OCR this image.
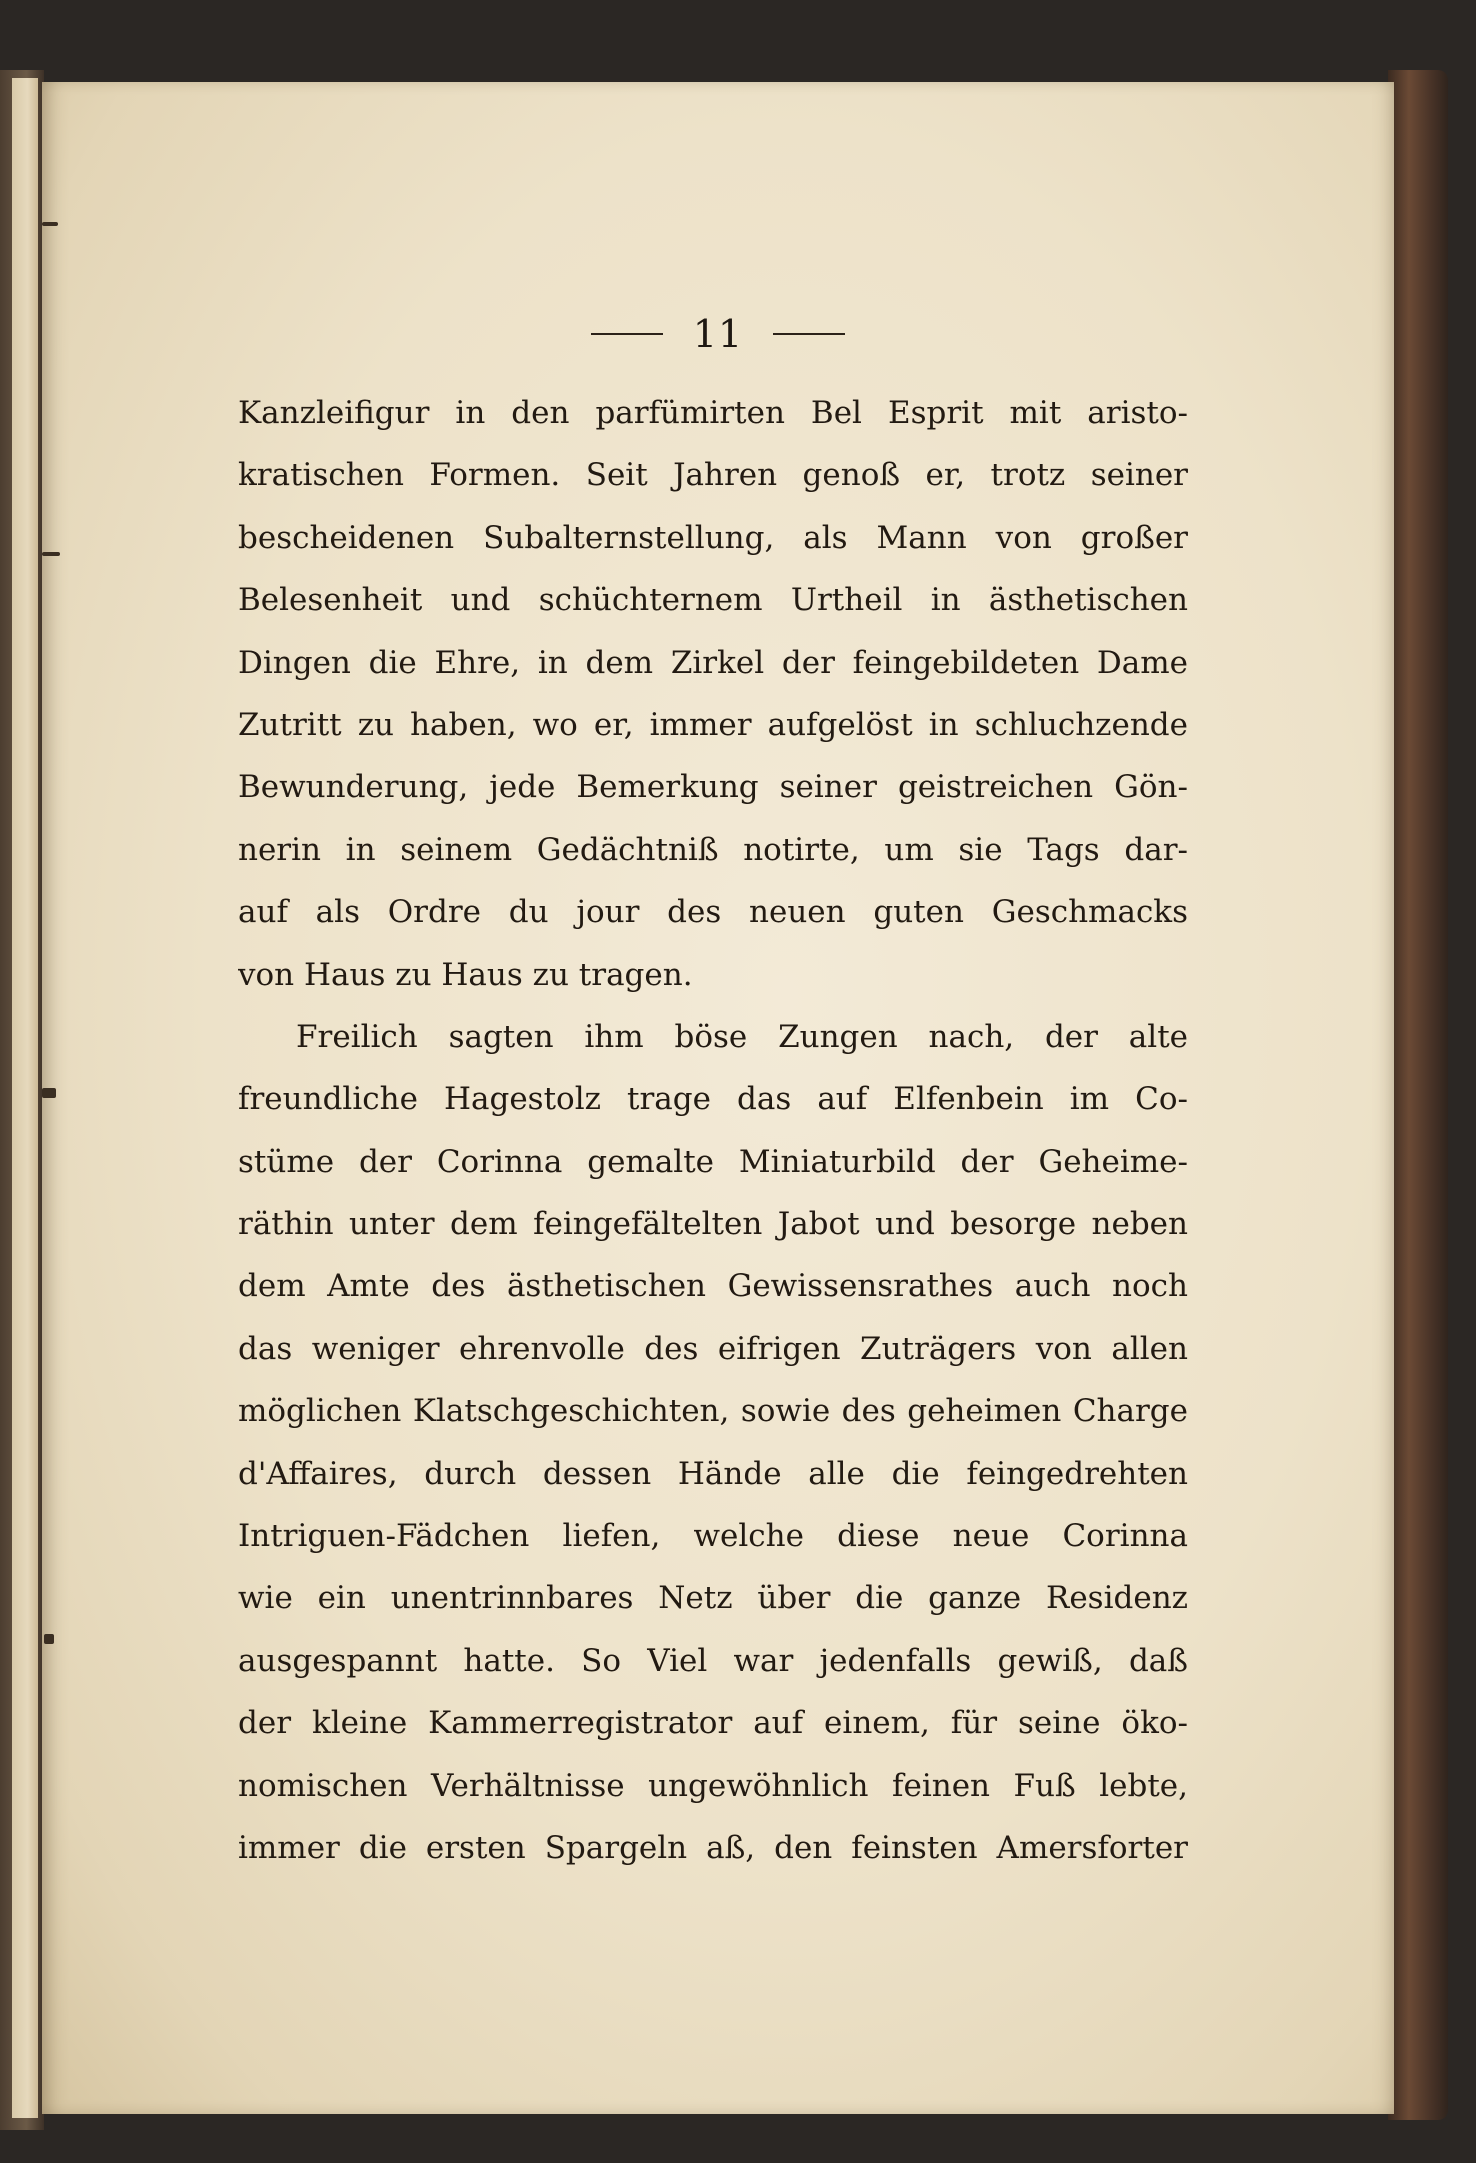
11
Kanzleifigur in den parfümirten Bel Esprit mit aristo-
kratischen Formen. Seit Jahren genoß er, trotz seiner
bescheidenen Subalternstellung, als Mann von großer
Belesenheit und schüchternem Urtheil in ästhetischen
Dingen die Ehre, in dem Zirkel der feingebildeten Dame
Zutritt zu haben, wo er, immer aufgelöst in schluchzende
Bewunderung, jede Bemerkung seiner geistreichen Gön-
nerin in seinem Gedächtniß notirte, um sie Tags dar-
auf als Ordre du jour des neuen guten Geschmacks
von Haus zu Haus zu tragen.
Freilich sagten ihm böse Zungen nach, der alte
freundliche Hagestolz trage das auf Elfenbein im Co-
stüme der Corinna gemalte Miniaturbild der Geheime-
räthin unter dem feingefältelten Jabot und besorge neben
dem Amte des ästhetischen Gewissensrathes auch noch
das weniger ehrenvolle des eifrigen Zuträgers von allen
möglichen Klatschgeschichten, sowie des geheimen Charge
d'Affaires, durch dessen Hände alle die feingedrehten
Intriguen-Fädchen liefen, welche diese neue Corinna
wie ein unentrinnbares Netz über die ganze Residenz
ausgespannt hatte. So Viel war jedenfalls gewiß, daß
der kleine Kammerregistrator auf einem, für seine öko-
nomischen Verhältnisse ungewöhnlich feinen Fuß lebte,
immer die ersten Spargeln aß, den feinsten Amersforter
